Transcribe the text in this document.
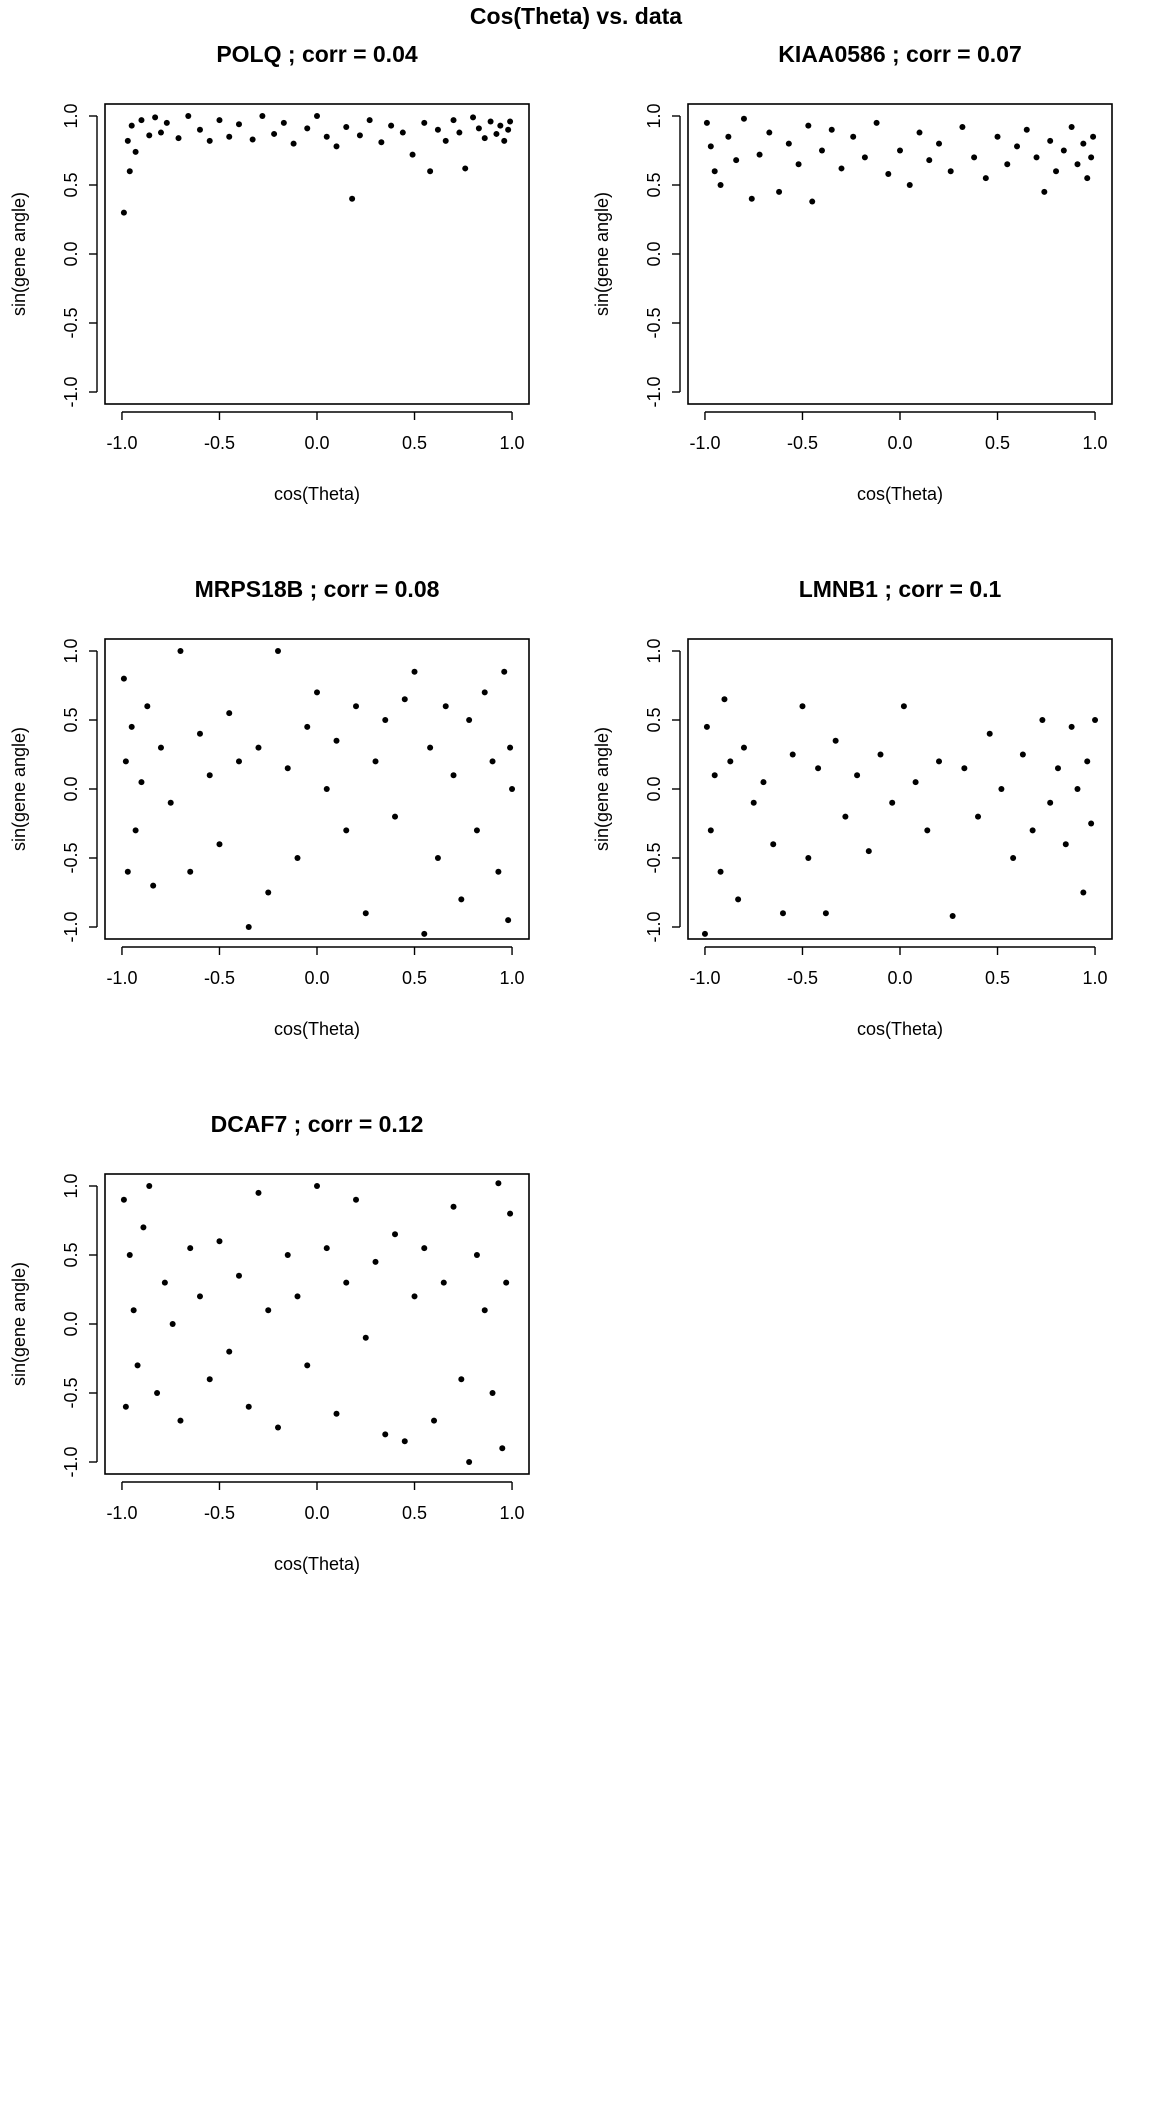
Cos(Theta) vs. data
POLQ ; corr = 0.04
-1.0	-0.5	0.0	0.5	1.0
cos(Theta)
-1.0
-0.5
0.0
0.5
1.0
sin(gene angle)
KIAA0586 ; corr = 0.07
-1.0	-0.5	0.0	0.5	1.0
cos(Theta)
-1.0
-0.5
0.0
0.5
1.0
sin(gene angle)
MRPS18B ; corr = 0.08
-1.0	-0.5	0.0	0.5	1.0
cos(Theta)
-1.0
-0.5
0.0
0.5
1.0
sin(gene angle)
LMNB1 ; corr = 0.1
-1.0	-0.5	0.0	0.5	1.0
cos(Theta)
-1.0
-0.5
0.0
0.5
1.0
sin(gene angle)
DCAF7 ; corr = 0.12
-1.0	-0.5	0.0	0.5	1.0
cos(Theta)
-1.0
-0.5
0.0
0.5
1.0
sin(gene angle)
